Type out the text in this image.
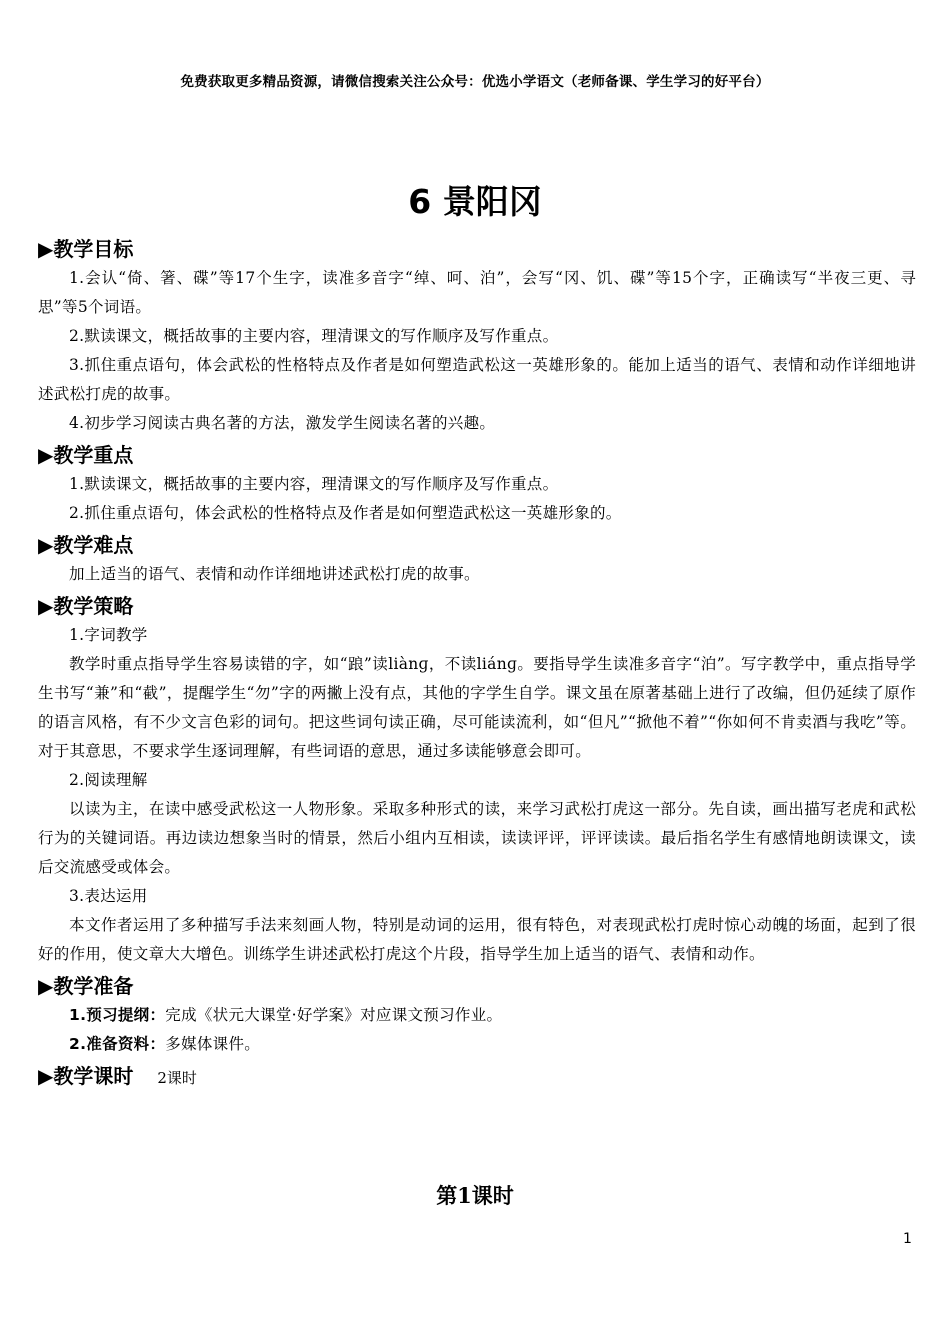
免费获取更多精品资源，请微信搜索关注公众号：优选小学语文（老师备课、学生学习的好平台）
6 景阳冈
▶教学目标

1.会认“倚、箸、碟”等17个生字，读准多音字“绰、呵、泊”，会写“冈、饥、碟”等15个字，正确读写“半夜三更、寻思”等5个词语。

2.默读课文，概括故事的主要内容，理清课文的写作顺序及写作重点。

3.抓住重点语句，体会武松的性格特点及作者是如何塑造武松这一英雄形象的。能加上适当的语气、表情和动作详细地讲述武松打虎的故事。

4.初步学习阅读古典名著的方法，激发学生阅读名著的兴趣。

▶教学重点

1.默读课文，概括故事的主要内容，理清课文的写作顺序及写作重点。

2.抓住重点语句，体会武松的性格特点及作者是如何塑造武松这一英雄形象的。

▶教学难点

加上适当的语气、表情和动作详细地讲述武松打虎的故事。

▶教学策略

1.字词教学

教学时重点指导学生容易读错的字，如“踉”读liànɡ，不读liánɡ。要指导学生读准多音字“泊”。写字教学中，重点指导学生书写“兼”和“截”，提醒学生“勿”字的两撇上没有点，其他的字学生自学。课文虽在原著基础上进行了改编，但仍延续了原作的语言风格，有不少文言色彩的词句。把这些词句读正确，尽可能读流利，如“但凡”“掀他不着”“你如何不肯卖酒与我吃”等。对于其意思，不要求学生逐词理解，有些词语的意思，通过多读能够意会即可。

2.阅读理解

以读为主，在读中感受武松这一人物形象。采取多种形式的读，来学习武松打虎这一部分。先自读，画出描写老虎和武松行为的关键词语。再边读边想象当时的情景，然后小组内互相读，读读评评，评评读读。最后指名学生有感情地朗读课文，读后交流感受或体会。

3.表达运用

本文作者运用了多种描写手法来刻画人物，特别是动词的运用，很有特色，对表现武松打虎时惊心动魄的场面，起到了很好的作用，使文章大大增色。训练学生讲述武松打虎这个片段，指导学生加上适当的语气、表情和动作。

▶教学准备

1.预习提纲：完成《状元大课堂·好学案》对应课文预习作业。

2.准备资料：多媒体课件。

▶教学课时 2课时
第1课时
1
